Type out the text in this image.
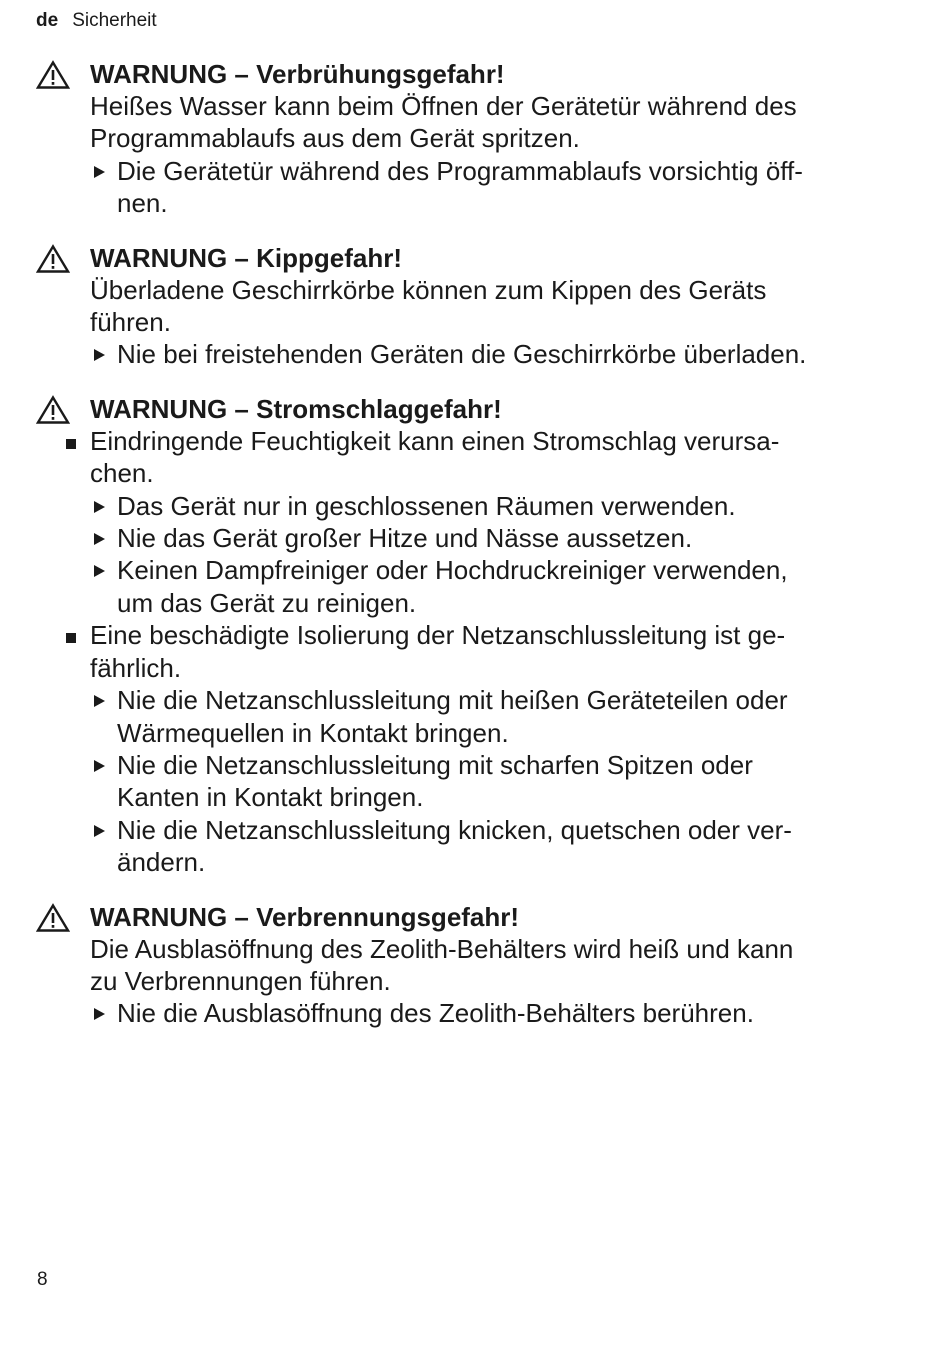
de Sicherheit
WARNUNG – Verbrühungsgefahr!
Heißes Wasser kann beim Öffnen der Gerätetür während des
Programmablaufs aus dem Gerät spritzen.
Die Gerätetür während des Programmablaufs vorsichtig öff-
nen.
WARNUNG – Kippgefahr!
Überladene Geschirrkörbe können zum Kippen des Geräts
führen.
Nie bei freistehenden Geräten die Geschirrkörbe überladen.
WARNUNG – Stromschlaggefahr!
Eindringende Feuchtigkeit kann einen Stromschlag verursa-
chen.
Das Gerät nur in geschlossenen Räumen verwenden.
Nie das Gerät großer Hitze und Nässe aussetzen.
Keinen Dampfreiniger oder Hochdruckreiniger verwenden,
um das Gerät zu reinigen.
Eine beschädigte Isolierung der Netzanschlussleitung ist ge-
fährlich.
Nie die Netzanschlussleitung mit heißen Geräteteilen oder
Wärmequellen in Kontakt bringen.
Nie die Netzanschlussleitung mit scharfen Spitzen oder
Kanten in Kontakt bringen.
Nie die Netzanschlussleitung knicken, quetschen oder ver-
ändern.
WARNUNG – Verbrennungsgefahr!
Die Ausblasöffnung des Zeolith-Behälters wird heiß und kann
zu Verbrennungen führen.
Nie die Ausblasöffnung des Zeolith-Behälters berühren.
8
